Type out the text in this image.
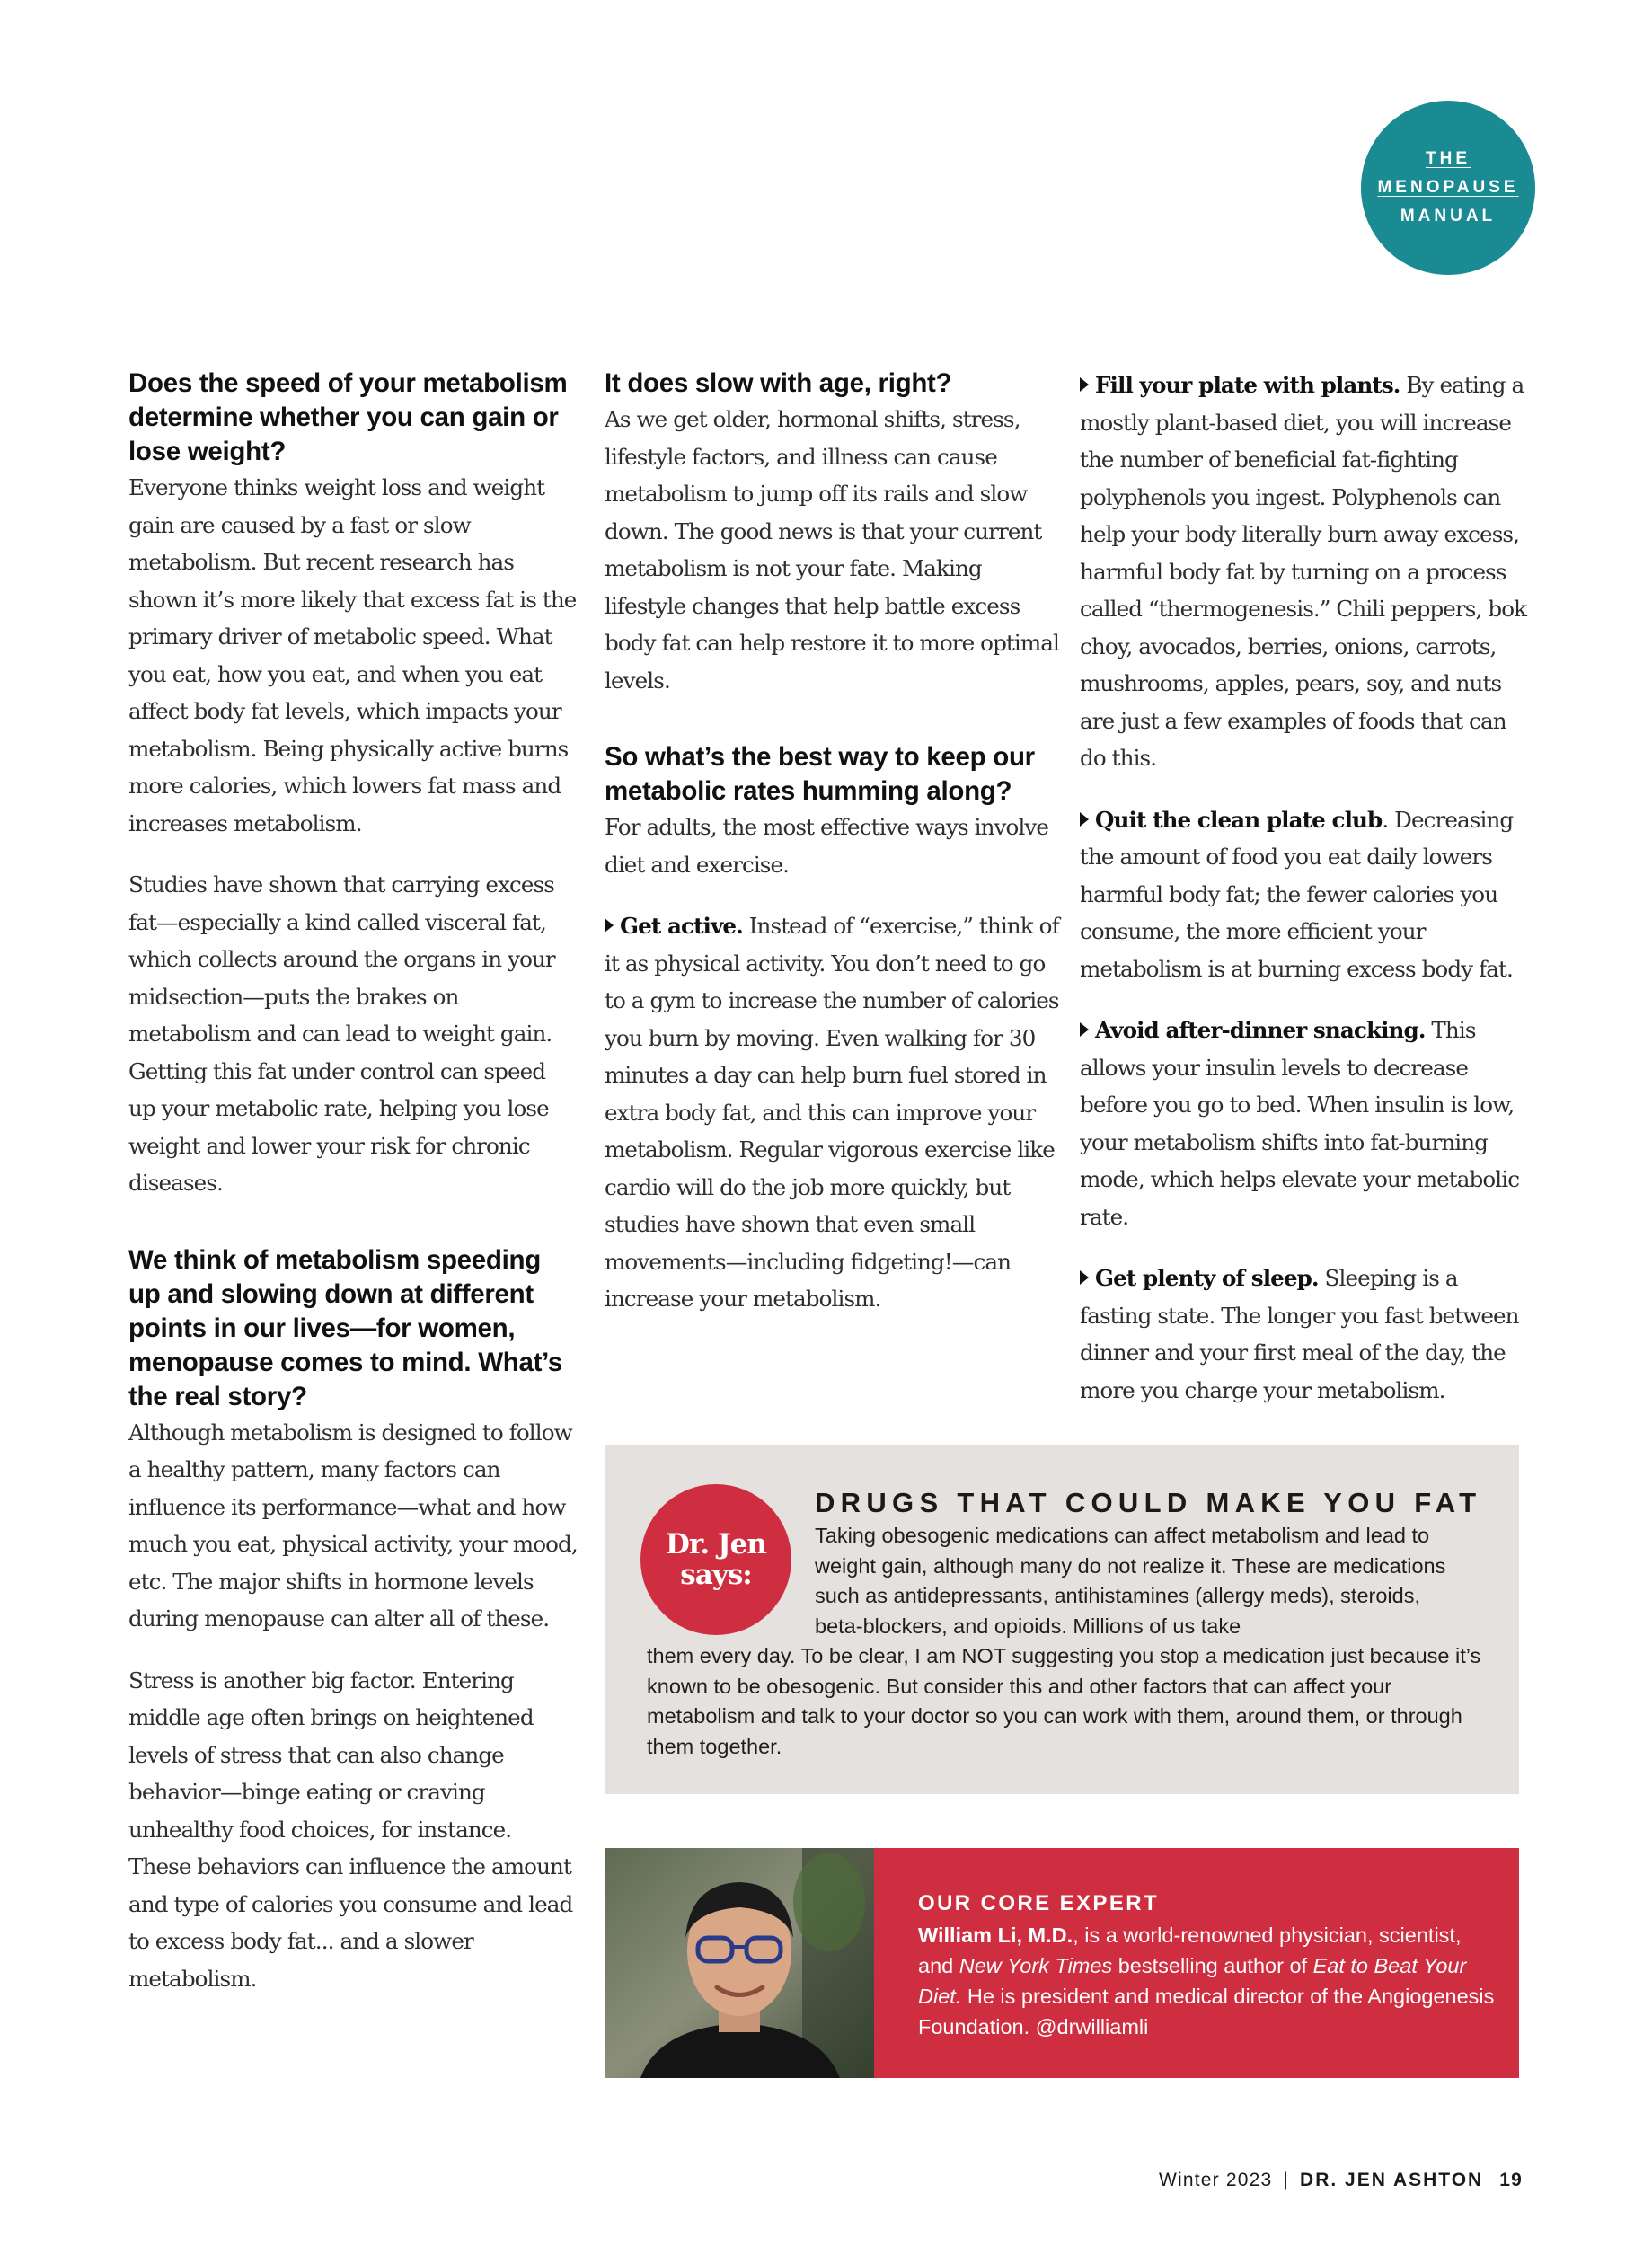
THE
MENOPAUSE
MANUAL
Does the speed of your metabolism determine whether you can gain or lose weight?

Everyone thinks weight loss and weight gain are caused by a fast or slow metabolism. But recent research has shown it’s more likely that excess fat is the primary driver of metabolic speed. What you eat, how you eat, and when you eat affect body fat levels, which impacts your metabolism. Being physically active burns more calories, which lowers fat mass and increases metabolism.

Studies have shown that carrying excess fat—especially a kind called visceral fat, which collects around the organs in your midsection—puts the brakes on metabolism and can lead to weight gain. Getting this fat under control can speed up your metabolic rate, helping you lose weight and lower your risk for chronic diseases.

We think of metabolism speeding up and slowing down at different points in our lives—for women, menopause comes to mind. What’s the real story?

Although metabolism is designed to follow a healthy pattern, many factors can influence its performance—what and how much you eat, physical activity, your mood, etc. The major shifts in hormone levels during menopause can alter all of these.

Stress is another big factor. Entering middle age often brings on heightened levels of stress that can also change behavior—binge eating or craving unhealthy food choices, for instance. These behaviors can influence the amount and type of calories you consume and lead to excess body fat... and a slower metabolism.

It does slow with age, right?

As we get older, hormonal shifts, stress, lifestyle factors, and illness can cause metabolism to jump off its rails and slow down. The good news is that your current metabolism is not your fate. Making lifestyle changes that help battle excess body fat can help restore it to more optimal levels.

So what’s the best way to keep our metabolic rates humming along?

For adults, the most effective ways involve diet and exercise.

Get active. Instead of “exercise,” think of it as physical activity. You don’t need to go to a gym to increase the number of calories you burn by moving. Even walking for 30 minutes a day can help burn fuel stored in extra body fat, and this can improve your metabolism. Regular vigorous exercise like cardio will do the job more quickly, but studies have shown that even small movements—including fidgeting!—can increase your metabolism.

Fill your plate with plants. By eating a mostly plant-based diet, you will increase the number of beneficial fat-fighting polyphenols you ingest. Polyphenols can help your body literally burn away excess, harmful body fat by turning on a process called “thermogenesis.” Chili peppers, bok choy, avocados, berries, onions, carrots, mushrooms, apples, pears, soy, and nuts are just a few examples of foods that can do this.

Quit the clean plate club. Decreasing the amount of food you eat daily lowers harmful body fat; the fewer calories you consume, the more efficient your metabolism is at burning excess body fat.

Avoid after-dinner snacking. This allows your insulin levels to decrease before you go to bed. When insulin is low, your metabolism shifts into fat-burning mode, which helps elevate your metabolic rate.

Get plenty of sleep. Sleeping is a fasting state. The longer you fast between dinner and your first meal of the day, the more you charge your metabolism.

Dr. Jen
says:
DRUGS THAT COULD MAKE YOU FAT

Taking obesogenic medications can affect metabolism and lead to weight gain, although many do not realize it. These are medications such as antidepressants, antihistamines (allergy meds), steroids, beta-blockers, and opioids. Millions of us take

them every day. To be clear, I am NOT suggesting you stop a medication just because it’s known to be obesogenic. But consider this and other factors that can affect your metabolism and talk to your doctor so you can work with them, around them, or through them together.

OUR CORE EXPERT

William Li, M.D., is a world-renowned physician, scientist, and New York Times bestselling author of Eat to Beat Your Diet. He is president and medical director of the Angiogenesis Foundation. @drwilliamli

Winter 2023 | DR. JEN ASHTON 19
